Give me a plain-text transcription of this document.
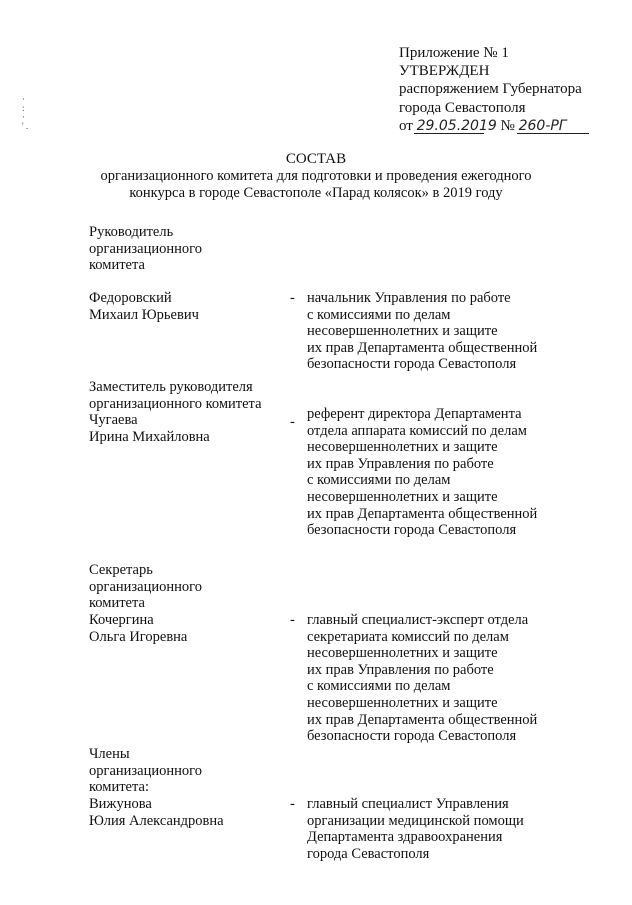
Приложение № 1
УТВЕРЖДЕН
распоряжением Губернатора
города Севастополя
от 29.05.2019 № 260-РГ
·
:
·
' .
СОСТАВ
организационного комитета для подготовки и проведения ежегодного
конкурса в городе Севастополе «Парад колясок» в 2019 году
Руководитель
организационного
комитета
Федоровский
Михаил Юрьевич
- начальник Управления по работе
с комиссиями по делам
несовершеннолетних и защите
их прав Департамента общественной
безопасности города Севастополя
Заместитель руководителя
организационного комитета
Чугаева
Ирина Михайловна
- референт директора Департамента
отдела аппарата комиссий по делам
несовершеннолетних и защите
их прав Управления по работе
с комиссиями по делам
несовершеннолетних и защите
их прав Департамента общественной
безопасности города Севастополя
Секретарь
организационного
комитета
Кочергина
Ольга Игоревна
- главный специалист-эксперт отдела
секретариата комиссий по делам
несовершеннолетних и защите
их прав Управления по работе
с комиссиями по делам
несовершеннолетних и защите
их прав Департамента общественной
безопасности города Севастополя
Члены
организационного
комитета:
Вижунова
Юлия Александровна
- главный специалист Управления
организации медицинской помощи
Департамента здравоохранения
города Севастополя
